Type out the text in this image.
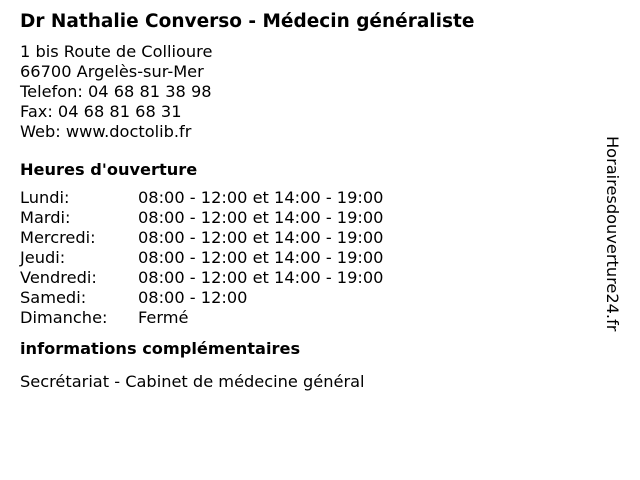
Dr Nathalie Converso - Médecin généraliste

1 bis Route de Collioure

66700 Argelès-sur-Mer

Telefon: 04 68 81 38 98

Fax: 04 68 81 68 31

Web: www.doctolib.fr

Heures d'ouverture
Lundi:	08:00 - 12:00 et 14:00 - 19:00
Mardi:	08:00 - 12:00 et 14:00 - 19:00
Mercredi:	08:00 - 12:00 et 14:00 - 19:00
Jeudi:	08:00 - 12:00 et 14:00 - 19:00
Vendredi:	08:00 - 12:00 et 14:00 - 19:00
Samedi:	08:00 - 12:00
Dimanche:	Fermé
informations complémentaires

Secrétariat - Cabinet de médecine général

Horairesdouverture24.fr
